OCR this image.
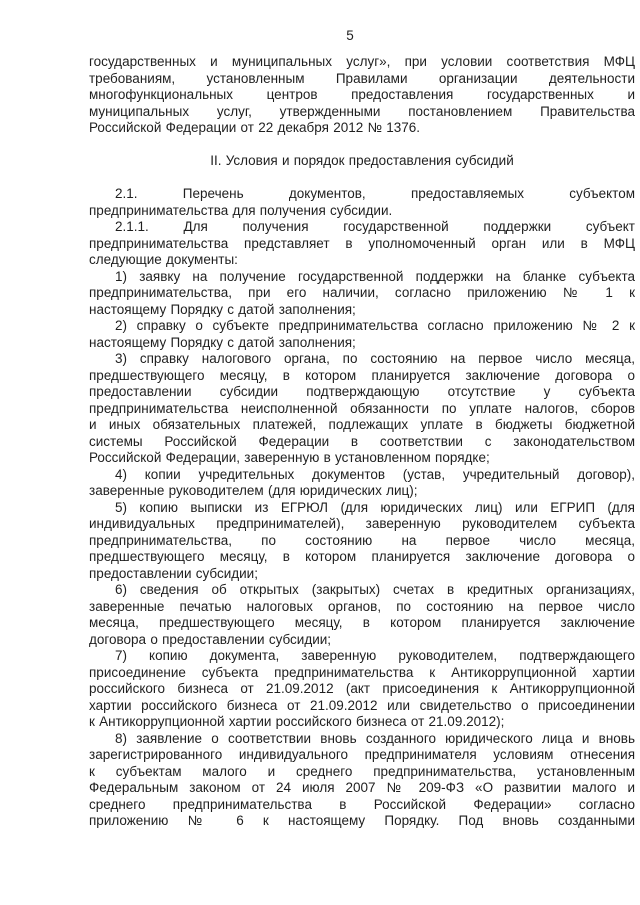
5
государственных и муниципальных услуг», при условии соответствия МФЦ
требованиям, установленным Правилами организации деятельности
многофункциональных центров предоставления государственных и
муниципальных услуг, утвержденными постановлением Правительства
Российской Федерации от 22 декабря 2012 № 1376.
II. Условия и порядок предоставления субсидий
2.1. Перечень документов, предоставляемых субъектом
предпринимательства для получения субсидии.
2.1.1. Для получения государственной поддержки субъект
предпринимательства представляет в уполномоченный орган или в МФЦ
следующие документы:
1) заявку на получение государственной поддержки на бланке субъекта
предпринимательства, при его наличии, согласно приложению № 1 к
настоящему Порядку с датой заполнения;
2) справку о субъекте предпринимательства согласно приложению № 2 к
настоящему Порядку с датой заполнения;
3) справку налогового органа, по состоянию на первое число месяца,
предшествующего месяцу, в котором планируется заключение договора о
предоставлении субсидии подтверждающую отсутствие у субъекта
предпринимательства неисполненной обязанности по уплате налогов, сборов
и иных обязательных платежей, подлежащих уплате в бюджеты бюджетной
системы Российской Федерации в соответствии с законодательством
Российской Федерации, заверенную в установленном порядке;
4) копии учредительных документов (устав, учредительный договор),
заверенные руководителем (для юридических лиц);
5) копию выписки из ЕГРЮЛ (для юридических лиц) или ЕГРИП (для
индивидуальных предпринимателей), заверенную руководителем субъекта
предпринимательства, по состоянию на первое число месяца,
предшествующего месяцу, в котором планируется заключение договора о
предоставлении субсидии;
6) сведения об открытых (закрытых) счетах в кредитных организациях,
заверенные печатью налоговых органов, по состоянию на первое число
месяца, предшествующего месяцу, в котором планируется заключение
договора о предоставлении субсидии;
7) копию документа, заверенную руководителем, подтверждающего
присоединение субъекта предпринимательства к Антикоррупционной хартии
российского бизнеса от 21.09.2012 (акт присоединения к Антикоррупционной
хартии российского бизнеса от 21.09.2012 или свидетельство о присоединении
к Антикоррупционной хартии российского бизнеса от 21.09.2012);
8) заявление о соответствии вновь созданного юридического лица и вновь
зарегистрированного индивидуального предпринимателя условиям отнесения
к субъектам малого и среднего предпринимательства, установленным
Федеральным законом от 24 июля 2007 № 209-ФЗ «О развитии малого и
среднего предпринимательства в Российской Федерации» согласно
приложению № 6 к настоящему Порядку. Под вновь созданными
